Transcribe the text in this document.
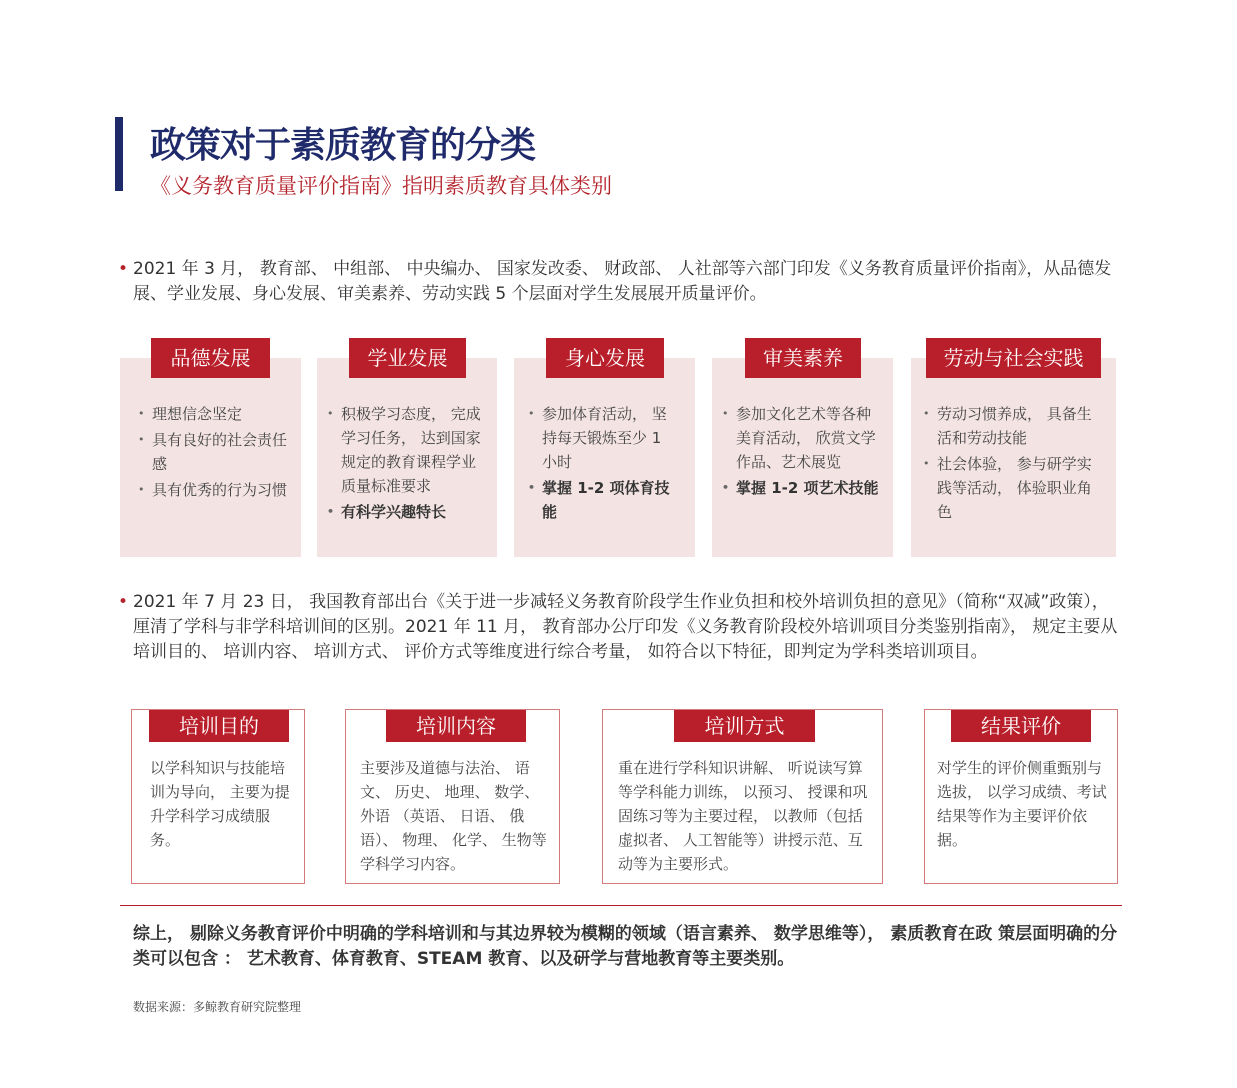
政策对于素质教育的分类
《义务教育质量评价指南》指明素质教育具体类别
• 2021 年 3 月， 教育部、 中组部、 中央编办、 国家发改委、 财政部、 人社部等六部门印发《义务教育质量评价指南》，从品德发展、学业发展、身心发展、审美素养、劳动实践 5 个层面对学生发展展开质量评价。
品德发展
• 理想信念坚定
• 具有良好的社会责任感
• 具有优秀的行为习惯
学业发展
• 积极学习态度， 完成学习任务， 达到国家规定的教育课程学业质量标准要求
• 有科学兴趣特长
身心发展
• 参加体育活动， 坚持每天锻炼至少 1 小时
• 掌握 1-2 项体育技能
审美素养
• 参加文化艺术等各种美育活动， 欣赏文学作品、艺术展览
• 掌握 1-2 项艺术技能
劳动与社会实践
• 劳动习惯养成， 具备生活和劳动技能
• 社会体验， 参与研学实践等活动， 体验职业角色
• 2021 年 7 月 23 日， 我国教育部出台《关于进一步减轻义务教育阶段学生作业负担和校外培训负担的意见》（简称“双减”政策）， 厘清了学科与非学科培训间的区别。2021 年 11 月， 教育部办公厅印发《义务教育阶段校外培训项目分类鉴别指南》， 规定主要从培训目的、 培训内容、 培训方式、 评价方式等维度进行综合考量， 如符合以下特征，即判定为学科类培训项目。
培训目的
以学科知识与技能培训为导向， 主要为提升学科学习成绩服务。
培训内容
主要涉及道德与法治、 语文、 历史、 地理、 数学、 外语 （英语、 日语、 俄语）、 物理、 化学、 生物等学科学习内容。
培训方式
重在进行学科知识讲解、 听说读写算等学科能力训练， 以预习、 授课和巩固练习等为主要过程， 以教师（包括虚拟者、 人工智能等）讲授示范、互动等为主要形式。
结果评价
对学生的评价侧重甄别与选拔， 以学习成绩、考试结果等作为主要评价依据。
综上， 剔除义务教育评价中明确的学科培训和与其边界较为模糊的领域（语言素养、 数学思维等）， 素质教育在政 策层面明确的分类可以包含 ： 艺术教育、体育教育、STEAM 教育、以及研学与营地教育等主要类别。
数据来源：多鲸教育研究院整理
